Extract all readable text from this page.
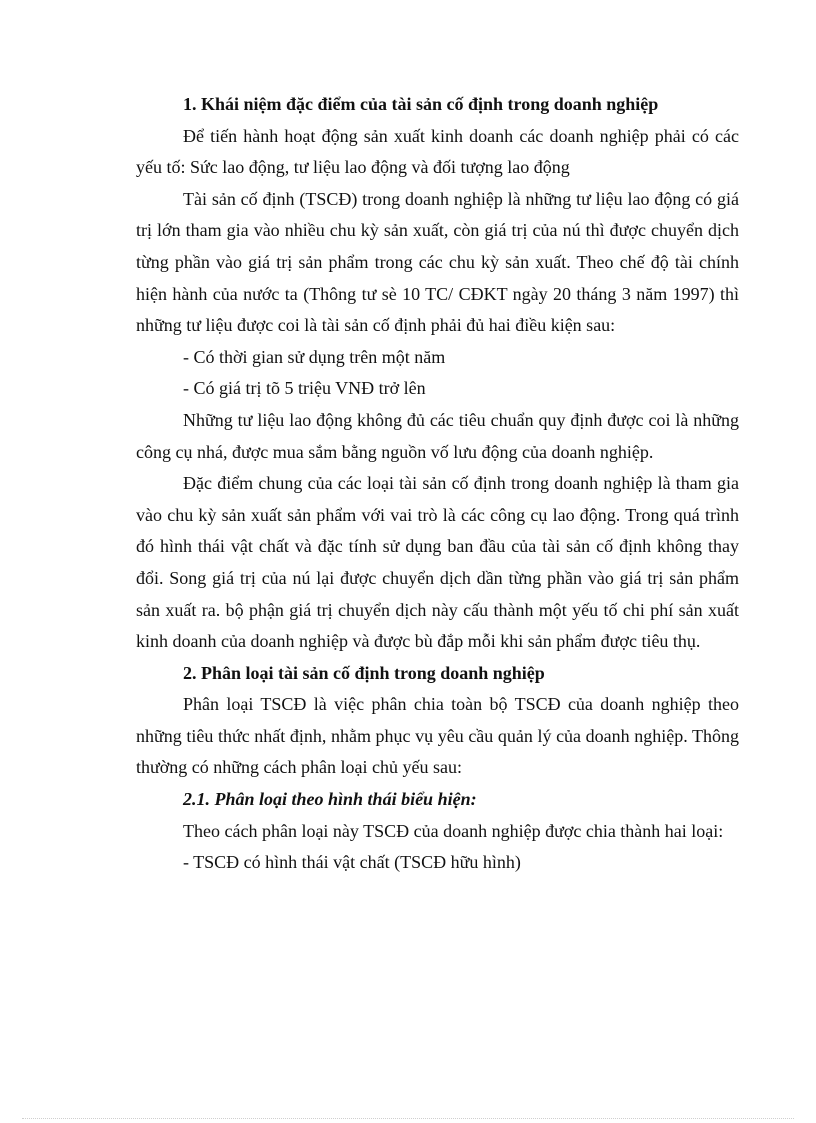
1. Khái niệm đặc điểm của tài sản cố định trong doanh nghiệp

Để tiến hành hoạt động sản xuất kinh doanh các doanh nghiệp phải có các yếu tố: Sức lao động, tư liệu lao động và đối tượng lao động

Tài sản cố định (TSCĐ) trong doanh nghiệp là những tư liệu lao động có giá trị lớn tham gia vào nhiều chu kỳ sản xuất, còn giá trị của nú thì được chuyển dịch từng phần vào giá trị sản phẩm trong các chu kỳ sản xuất. Theo chế độ tài chính hiện hành của nước ta (Thông tư sè 10 TC/ CĐKT ngày 20 tháng 3 năm 1997) thì những tư liệu được coi là tài sản cố định phải đủ hai điều kiện sau:

- Có thời gian sử dụng trên một năm

- Có giá trị tõ 5 triệu VNĐ trở lên

Những tư liệu lao động không đủ các tiêu chuẩn quy định được coi là những công cụ nhá, được mua sắm bằng nguồn vố lưu động của doanh nghiệp.

Đặc điểm chung của các loại tài sản cố định trong doanh nghiệp là tham gia vào chu kỳ sản xuất sản phẩm với vai trò là các công cụ lao động. Trong quá trình đó hình thái vật chất và đặc tính sử dụng ban đầu của tài sản cố định không thay đổi. Song giá trị của nú lại được chuyển dịch dần từng phần vào giá trị sản phẩm sản xuất ra. bộ phận giá trị chuyển dịch này cấu thành một yếu tố chi phí sản xuất kinh doanh của doanh nghiệp và được bù đắp mỗi khi sản phẩm được tiêu thụ.

2. Phân loại tài sản cố định trong doanh nghiệp

Phân loại TSCĐ là việc phân chia toàn bộ TSCĐ của doanh nghiệp theo những tiêu thức nhất định, nhằm phục vụ yêu cầu quản lý của doanh nghiệp. Thông thường có những cách phân loại chủ yếu sau:

2.1. Phân loại theo hình thái biểu hiện:

Theo cách phân loại này TSCĐ của doanh nghiệp được chia thành hai loại:

- TSCĐ có hình thái vật chất (TSCĐ hữu hình)
